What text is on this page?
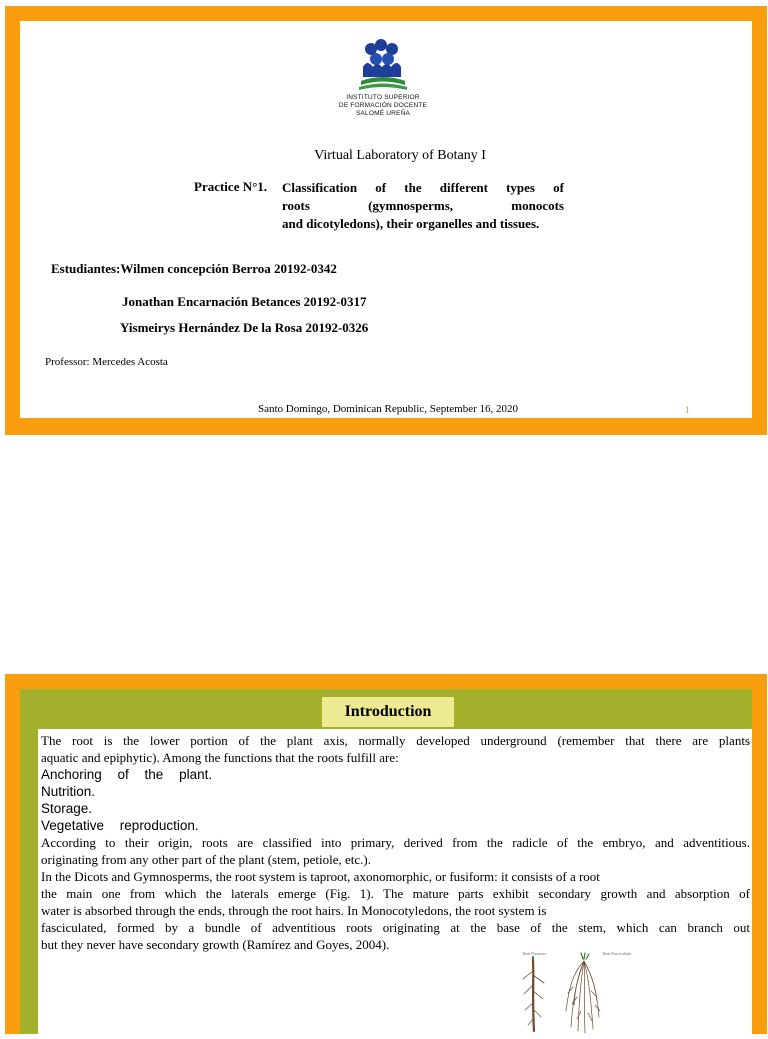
INSTITUTO SUPERIOR
DE FORMACIÓN DOCENTE
SALOMÉ UREÑA
Virtual Laboratory of Botany I
Practice N°1. Classification of the different types of
roots (gymnosperms, monocots
and dicotyledons), their organelles and tissues.
Estudiantes:Wilmen concepción Berroa 20192-0342
Jonathan Encarnación Betances 20192-0317
Yismeirys Hernández De la Rosa 20192-0326
Professor: Mercedes Acosta
Santo Domingo, Dominican Republic, September 16, 2020	1
Introduction

The root is the lower portion of the plant axis, normally developed underground (remember that there are plants

aquatic and epiphytic). Among the functions that the roots fulfill are:

Anchoring of the plant.

Nutrition.

Storage.

Vegetative reproduction.

According to their origin, roots are classified into primary, derived from the radicle of the embryo, and adventitious.

originating from any other part of the plant (stem, petiole, etc.).

In the Dicots and Gymnosperms, the root system is taproot, axonomorphic, or fusiform: it consists of a root

the main one from which the laterals emerge (Fig. 1). The mature parts exhibit secondary growth and absorption of

water is absorbed through the ends, through the root hairs. In Monocotyledons, the root system is

fasciculated, formed by a bundle of adventitious roots originating at the base of the stem, which can branch out

but they never have secondary growth (Ramírez and Goyes, 2004).

Raíz Pivotante	Raíz Fasciculada
